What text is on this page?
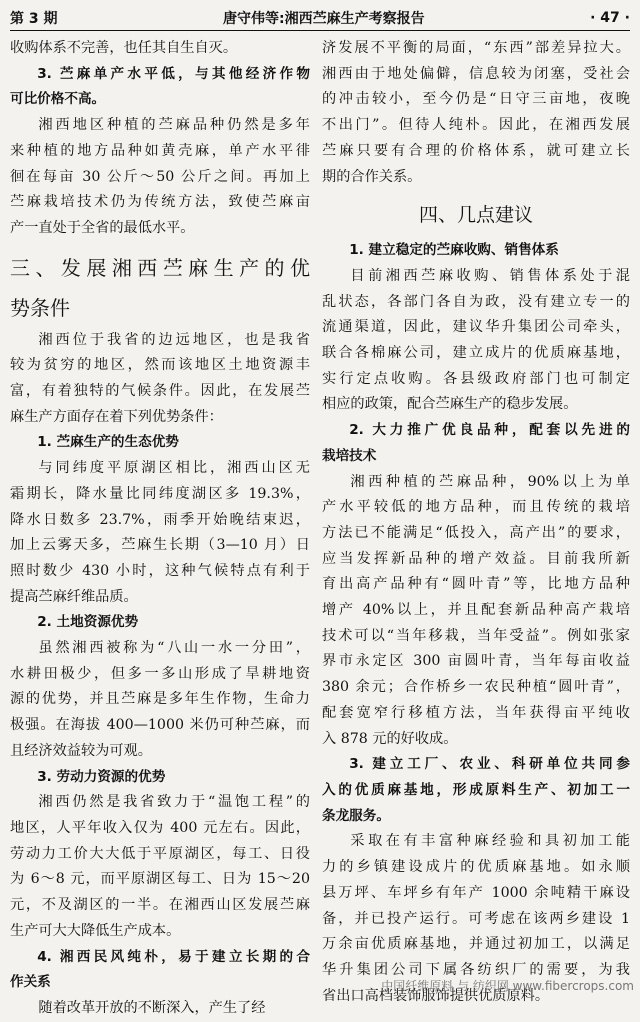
第 3 期	唐守伟等:湘西苎麻生产考察报告	· 47 ·

收购体系不完善，也任其自生自灭。

3. 苎麻单产水平低，与其他经济作物

可比价格不高。

湘西地区种植的苎麻品种仍然是多年

来种植的地方品种如黄壳麻，单产水平徘

徊在每亩 30 公斤～50 公斤之间。再加上

苎麻栽培技术仍为传统方法，致使苎麻亩

产一直处于全省的最低水平。

三、发展湘西苎麻生产的优

势条件

湘西位于我省的边远地区，也是我省

较为贫穷的地区，然而该地区土地资源丰

富，有着独特的气候条件。因此，在发展苎

麻生产方面存在着下列优势条件：

1. 苎麻生产的生态优势

与同纬度平原湖区相比，湘西山区无

霜期长，降水量比同纬度湖区多 19.3%，

降水日数多 23.7%，雨季开始晚结束迟，

加上云雾天多，苎麻生长期（3—10 月）日

照时数少 430 小时，这种气候特点有利于

提高苎麻纤维品质。

2. 土地资源优势

虽然湘西被称为“八山一水一分田”，

水耕田极少，但多一多山形成了旱耕地资

源的优势，并且苎麻是多年生作物，生命力

极强。在海拔 400—1000 米仍可种苎麻，而

且经济效益较为可观。

3. 劳动力资源的优势

湘西仍然是我省致力于“温饱工程”的

地区，人平年收入仅为 400 元左右。因此，

劳动力工价大大低于平原湖区，每工、日役

为 6～8 元，而平原湖区每工、日为 15～20

元，不及湖区的一半。在湘西山区发展苎麻

生产可大大降低生产成本。

4. 湘西民风纯朴，易于建立长期的合

作关系

随着改革开放的不断深入，产生了经

济发展不平衡的局面，“东西”部差异拉大。

湘西由于地处偏僻，信息较为闭塞，受社会

的冲击较小，至今仍是“日守三亩地，夜晚

不出门”。但待人纯朴。因此，在湘西发展

苎麻只要有合理的价格体系，就可建立长

期的合作关系。

四、几点建议

1. 建立稳定的苎麻收购、销售体系

目前湘西苎麻收购、销售体系处于混

乱状态，各部门各自为政，没有建立专一的

流通渠道，因此，建议华升集团公司牵头，

联合各棉麻公司，建立成片的优质麻基地，

实行定点收购。各县级政府部门也可制定

相应的政策，配合苎麻生产的稳步发展。

2. 大力推广优良品种，配套以先进的

栽培技术

湘西种植的苎麻品种，90%以上为单

产水平较低的地方品种，而且传统的栽培

方法已不能满足“低投入，高产出”的要求，

应当发挥新品种的增产效益。目前我所新

育出高产品种有“圆叶青”等，比地方品种

增产 40%以上，并且配套新品种高产栽培

技术可以“当年移栽，当年受益”。例如张家

界市永定区 300 亩圆叶青，当年每亩收益

380 余元；合作桥乡一农民种植“圆叶青”，

配套宽窄行移植方法，当年获得亩平纯收

入 878 元的好收成。

3. 建立工厂、农业、科研单位共同参

入的优质麻基地，形成原料生产、初加工一

条龙服务。

采取在有丰富种麻经验和具初加工能

力的乡镇建设成片的优质麻基地。如永顺

县万坪、车坪乡有年产 1000 余吨精干麻设

备，并已投产运行。可考虑在该两乡建设 1

万余亩优质麻基地，并通过初加工，以满足

华升集团公司下属各纺织厂的需要，为我

省出口高档装饰服饰提供优质原料。

中国纤维原料 与 纺织网 www.fibercrops.com
